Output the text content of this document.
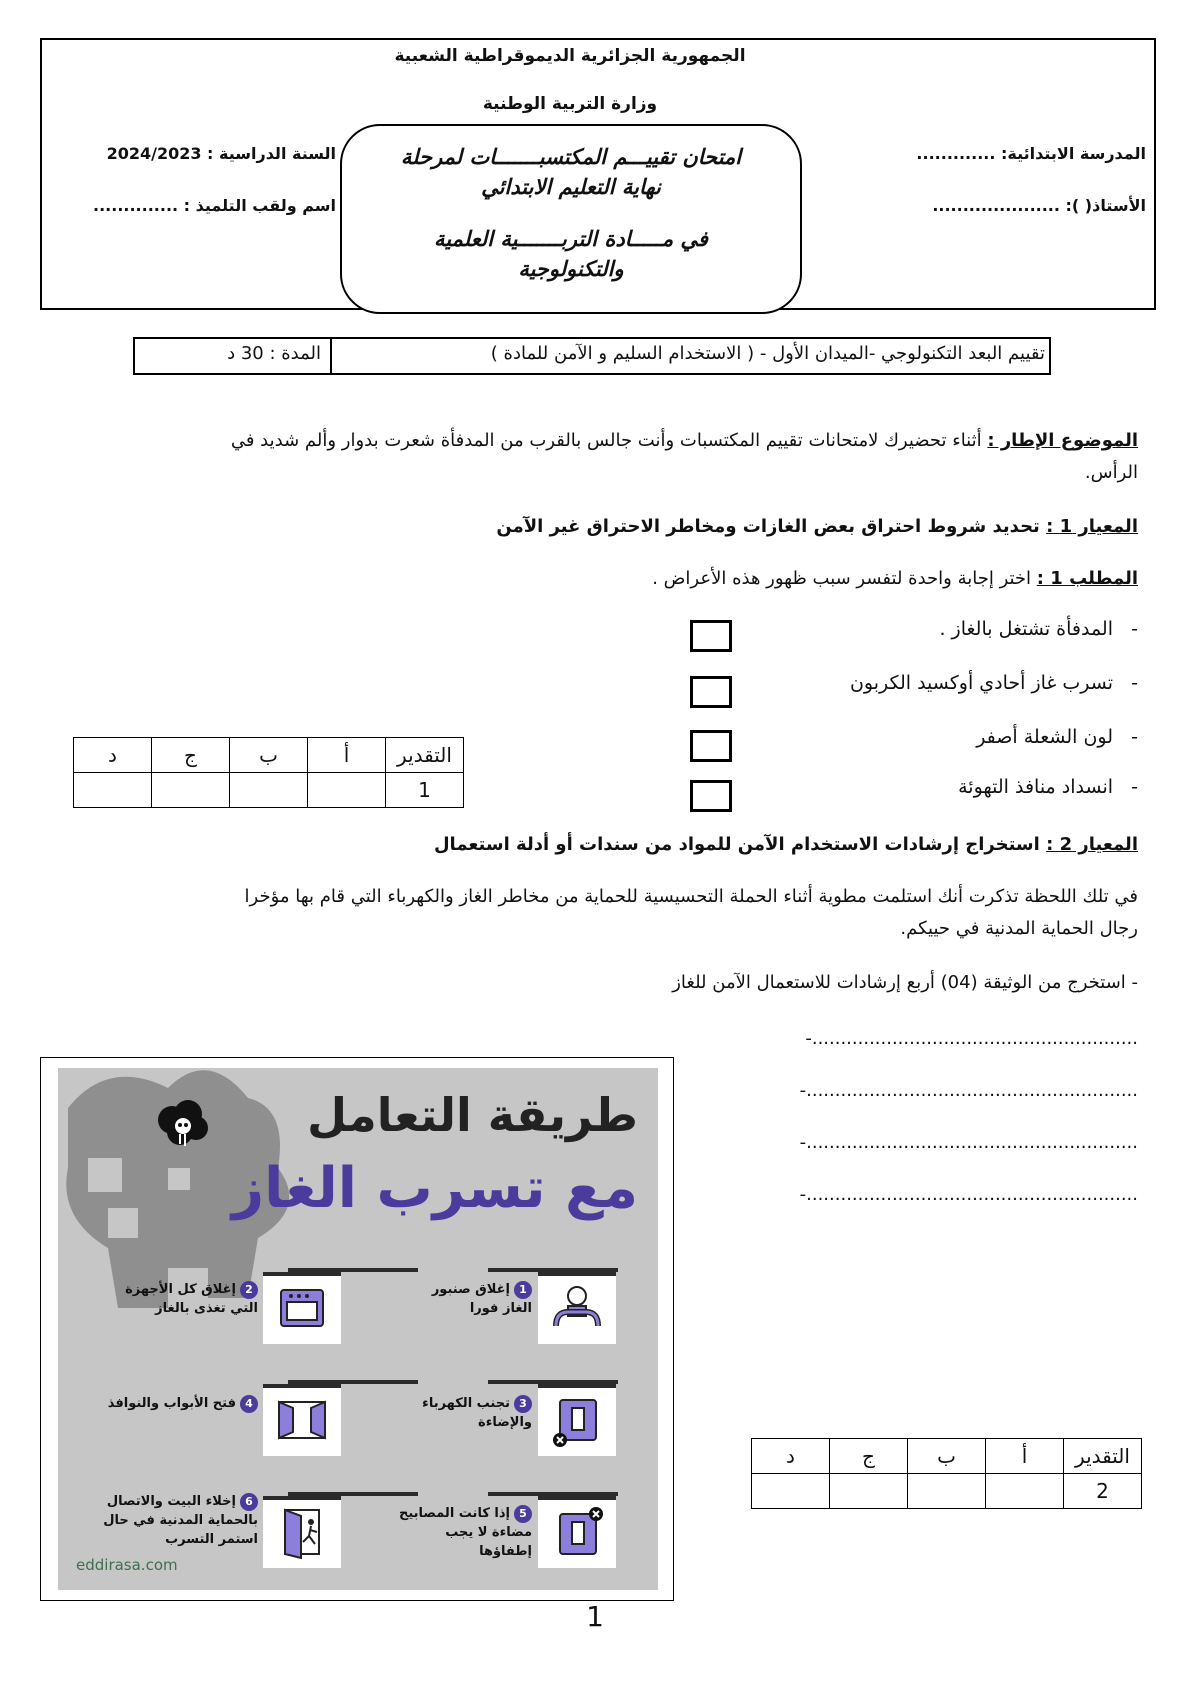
الجمهورية الجزائرية الديموقراطية الشعبية
وزارة التربية الوطنية
المدرسة الابتدائية: .............
الأستاذ( ): .....................
السنة الدراسية : 2024/2023
اسم ولقب التلميذ : ..............
امتحان تقييـــم المكتسبـــــــات لمرحلة
نهاية التعليم الابتدائي
في مـــــادة التربـــــــية العلمية
والتكنولوجية
تقييم البعد التكنولوجي -الميدان الأول - ( الاستخدام السليم و الآمن للمادة )
المدة : 30 د
الموضوع الإطار : أثناء تحضيرك لامتحانات تقييم المكتسبات وأنت جالس بالقرب من المدفأة شعرت بدوار وألم شديد في
الرأس.
المعيار 1 : تحديد شروط احتراق بعض الغازات ومخاطر الاحتراق غير الآمن
المطلب 1 : اختر إجابة واحدة لتفسر سبب ظهور هذه الأعراض .
-   المدفأة تشتغل بالغاز .
-   تسرب غاز أحادي أوكسيد الكربون
-   لون الشعلة أصفر
-   انسداد منافذ التهوئة
د	ج	ب	أ	التقدير
				1
المعيار 2 : استخراج إرشادات الاستخدام الآمن للمواد من سندات أو أدلة استعمال
في تلك اللحظة تذكرت أنك استلمت مطوية أثناء الحملة التحسيسية للحماية من مخاطر الغاز والكهرباء التي قام بها مؤخرا
رجال الحماية المدنية في حييكم.
- استخرج من الوثيقة (04) أربع إرشادات للاستعمال الآمن للغاز
-.........................................................
-..........................................................
-..........................................................
-..........................................................
د	ج	ب	أ	التقدير
				2
طريقة التعامل
مع تسرب الغاز
2إغلاق كل الأجهزة
التي تغذى بالغاز
1إغلاق صنبور
الغاز فورا
4فتح الأبواب والنوافذ	3تجنب الكهرباء
والإضاءة
6إخلاء البيت والاتصال
بالحماية المدنية في حال
استمر التسرب
5إذا كانت المصابيح
مضاءة لا يجب إطفاؤها
eddirasa.com
1
